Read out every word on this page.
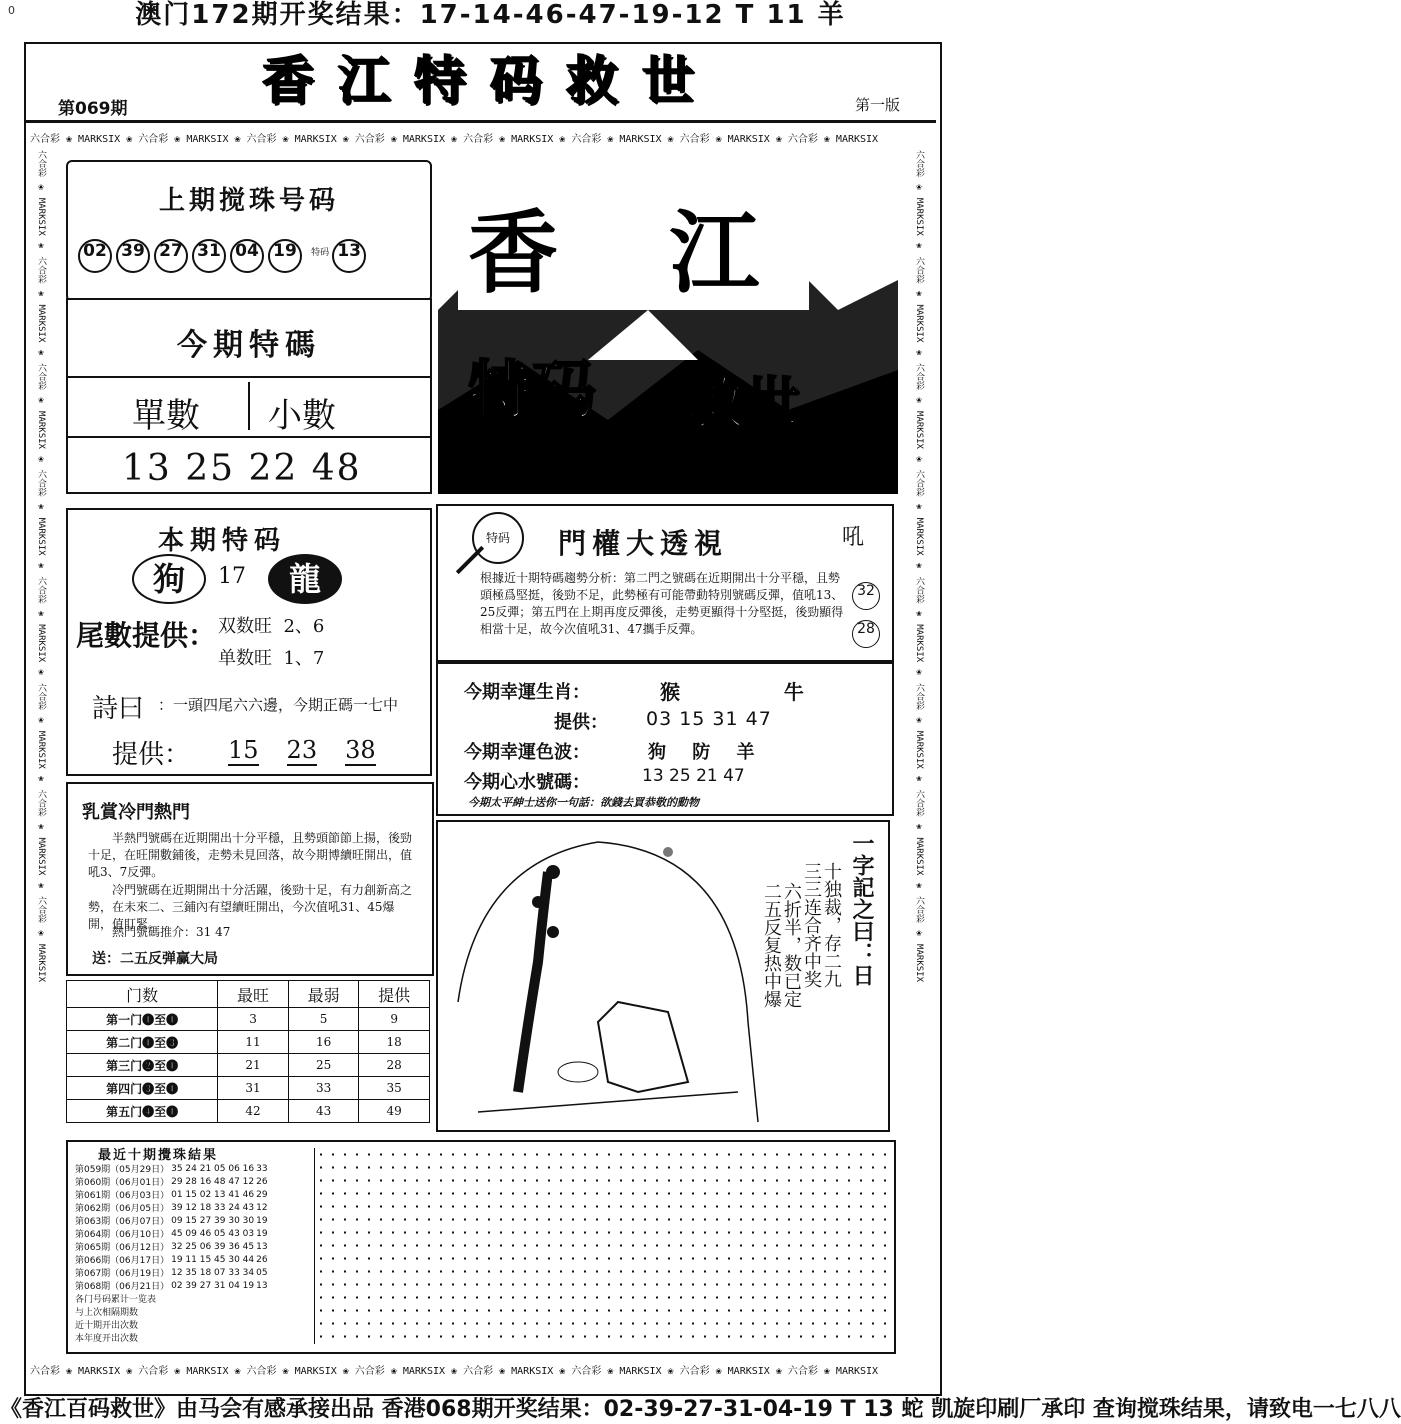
澳门172期开奖结果：17-14-46-47-19-12 T 11 羊
0
香江特码救世
第069期	第一版
六合彩 ❀ MARKSIX ❀ 六合彩 ❀ MARKSIX ❀ 六合彩 ❀ MARKSIX ❀ 六合彩 ❀ MARKSIX ❀ 六合彩 ❀ MARKSIX ❀ 六合彩 ❀ MARKSIX ❀ 六合彩 ❀ MARKSIX ❀ 六合彩 ❀ MARKSIX
六合彩 ❀ MARKSIX ❀ 六合彩 ❀ MARKSIX ❀ 六合彩 ❀ MARKSIX ❀ 六合彩 ❀ MARKSIX ❀ 六合彩 ❀ MARKSIX ❀ 六合彩 ❀ MARKSIX ❀ 六合彩 ❀ MARKSIX ❀ 六合彩 ❀ MARKSIX
六合彩 ❀ MARKSIX ❀ 六合彩 ❀ MARKSIX ❀ 六合彩 ❀ MARKSIX ❀ 六合彩 ❀ MARKSIX ❀ 六合彩 ❀ MARKSIX ❀ 六合彩 ❀ MARKSIX ❀ 六合彩 ❀ MARKSIX ❀ 六合彩 ❀ MARKSIX	六合彩 ❀ MARKSIX ❀ 六合彩 ❀ MARKSIX ❀ 六合彩 ❀ MARKSIX ❀ 六合彩 ❀ MARKSIX ❀ 六合彩 ❀ MARKSIX ❀ 六合彩 ❀ MARKSIX ❀ 六合彩 ❀ MARKSIX ❀ 六合彩 ❀ MARKSIX
上期搅珠号码
02 39 27 31 04 19 特码 13
今期特碼
單數 小數
13 25 22 48
香 江
特码 救世
本期特码
狗	17	龍
尾數提供： 双数旺  2、6
单数旺  1、7
詩曰 ：一頭四尾六六邊，今期正碼一七中
提供： 15 23 38
特码	門權大透視	吼
根據近十期特碼趨勢分析：第二門之號碼在近期開出十分平穩，且勢頭極爲堅挺，後勁不足，此勢極有可能帶動特別號碼反彈，值吼13、25反彈；第五門在上期再度反彈後，走勢更顯得十分堅挺，後勁顯得相當十足，故今次值吼31、47攜手反彈。
32
28
今期幸運生肖：	猴  牛
提供： 03 15 31 47
今期幸運色波：	狗 防 羊
今期心水號碼：	13 25 21 47
今期太平紳士送你一句話：欲錢去買恭敬的動物
乳賞冷門熱門
半熱門號碼在近期開出十分平穩，且勢頭節節上揚，後勁十足，在旺開數鋪後，走勢未見回落，故今期博續旺開出，值吼3、7反彈。
冷門號碼在近期開出十分活躍，後勁十足，有力創新高之勢，在未來二、三鋪內有望續旺開出，今次值吼31、45爆開，值盯緊。
熱門號碼推介：31 47
送：二五反弹赢大局	一字記之曰：日
十独裁，存二九
三三连合齐中奖
六折半，数已定
二五反复热中爆
门数	最旺	最弱	提供
第一门❶至❶	3	5	9
第二门❶至❸	11	16	18
第三门❷至❶	21	25	28
第四门❸至❶	31	33	35
第五门❹至❶	42	43	49
最近十期攪珠結果
第059期（05月29日）	35 24 21 05 06 16	33
第060期（06月01日）	29 28 16 48 47 12	26
第061期（06月03日）	01 15 02 13 41 46	29
第062期（06月05日）	39 12 18 33 24 43	12
第063期（06月07日）	09 15 27 39 30 30	19
第064期（06月10日）	45 09 46 05 43 03	19
第065期（06月12日）	32 25 06 39 36 45	13
第066期（06月17日）	19 11 15 45 30 44	26
第067期（06月19日）	12 35 18 07 33 34	05
第068期（06月21日）	02 39 27 31 04 19	13
各门号码累计一览表		
与上次相隔期数		
近十期开出次数		
本年度开出次数		
《香江百码救世》由马会有感承接出品 香港068期开奖结果：02-39-27-31-04-19 T 13 蛇 凯旋印刷厂承印 查询搅珠结果，请致电一七八八
